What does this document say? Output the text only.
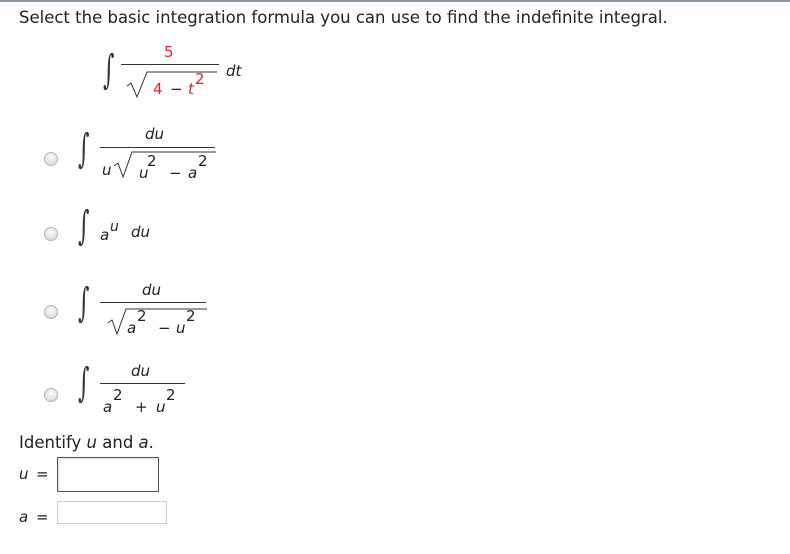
Select the basic integration formula you can use to find the indefinite integral.
∫	5
4 − t
2 dt
∫	du
u u
2
− a
2
∫ a u du
∫	du
a
2
− u
2
∫	du
a
2
+ u
2
Identify u and a.
u =
a =
